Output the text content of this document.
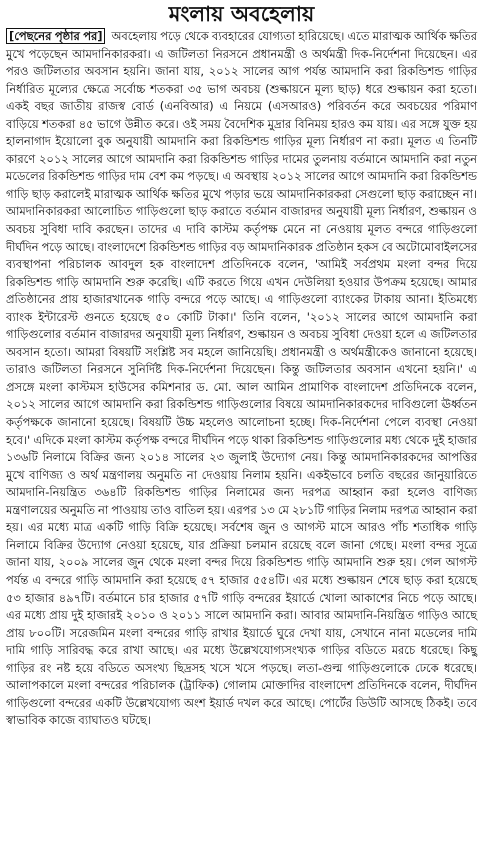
মংলায় অবহেলায়

[পেছনের পৃষ্ঠার পর] অবহেলায় পড়ে থেকে ব্যবহারের যোগ্যতা হারিয়েছে। এতে মারাত্মক আর্থিক ক্ষতির মুখে পড়েছেন আমদানিকারকরা। এ জটিলতা নিরসনে প্রধানমন্ত্রী ও অর্থমন্ত্রী দিক-নির্দেশনা দিয়েছেন। এর পরও জটিলতার অবসান হয়নি। জানা যায়, ২০১২ সালের আগ পর্যন্ত আমদানি করা রিকন্ডিশন্ড গাড়ির নির্ধারিত মূল্যের ক্ষেত্রে সর্বোচ্চ শতকরা ৩৫ ভাগ অবচয় (শুল্কায়নে মূল্য ছাড়) ধরে শুল্কায়ন করা হতো। একই বছর জাতীয় রাজস্ব বোর্ড (এনবিআর) এ নিয়মে (এসআরও) পরিবর্তন করে অবচয়ের পরিমাণ বাড়িয়ে শতকরা ৪৫ ভাগে উন্নীত করে। ওই সময় বৈদেশিক মুদ্রার বিনিময় হারও কম যায়। এর সঙ্গে যুক্ত হয় হালনাগাদ ইয়োলো বুক অনুযায়ী আমদানি করা রিকন্ডিশন্ড গাড়ির মূল্য নির্ধারণ না করা। মূলত এ তিনটি কারণে ২০১২ সালের আগে আমদানি করা রিকন্ডিশন্ড গাড়ির দামের তুলনায় বর্তমানে আমদানি করা নতুন মডেলের রিকন্ডিশন্ড গাড়ির দাম বেশ কম পড়ছে। এ অবস্থায় ২০১২ সালের আগে আমদানি করা রিকন্ডিশন্ড গাড়ি ছাড় করালেই মারাত্মক আর্থিক ক্ষতির মুখে পড়ার ভয়ে আমদানিকারকরা সেগুলো ছাড় করাচ্ছেন না। আমদানিকারকরা আলোচিত গাড়িগুলো ছাড় করাতে বর্তমান বাজারদর অনুযায়ী মূল্য নির্ধারণ, শুল্কায়ন ও অবচয় সুবিধা দাবি করছেন। তাদের এ দাবি কাস্টম কর্তৃপক্ষ মেনে না নেওয়ায় মূলত বন্দরে গাড়িগুলো দীর্ঘদিন পড়ে আছে। বাংলাদেশে রিকন্ডিশন্ড গাড়ির বড় আমদানিকারক প্রতিষ্ঠান হকস বে অটোমোবাইলসের ব্যবস্থাপনা পরিচালক আবদুল হক বাংলাদেশ প্রতিদিনকে বলেন, 'আমিই সর্বপ্রথম মংলা বন্দর দিয়ে রিকন্ডিশন্ড গাড়ি আমদানি শুরু করেছি। এটি করতে গিয়ে এখন দেউলিয়া হওয়ার উপক্রম হয়েছে। আমার প্রতিষ্ঠানের প্রায় হাজারখানেক গাড়ি বন্দরে পড়ে আছে। এ গাড়িগুলো ব্যাংকের টাকায় আনা। ইতিমধ্যে ব্যাংক ইন্টারেস্ট গুনতে হয়েছে ৫০ কোটি টাকা।' তিনি বলেন, '২০১২ সালের আগে আমদানি করা গাড়িগুলোর বর্তমান বাজারদর অনুযায়ী মূল্য নির্ধারণ, শুল্কায়ন ও অবচয় সুবিধা দেওয়া হলে এ জটিলতার অবসান হতো। আমরা বিষয়টি সংশ্লিষ্ট সব মহলে জানিয়েছি। প্রধানমন্ত্রী ও অর্থমন্ত্রীকেও জানানো হয়েছে। তারাও জটিলতা নিরসনে সুনির্দিষ্ট দিক-নির্দেশনা দিয়েছেন। কিন্তু জটিলতার অবসান এখনো হয়নি।' এ প্রসঙ্গে মংলা কাস্টমস হাউসের কমিশনার ড. মো. আল আমিন প্রামাণিক বাংলাদেশ প্রতিদিনকে বলেন, ২০১২ সালের আগে আমদানি করা রিকন্ডিশন্ড গাড়িগুলোর বিষয়ে আমদানিকারকদের দাবিগুলো ঊর্ধ্বতন কর্তৃপক্ষকে জানানো হয়েছে। বিষয়টি উচ্চ মহলেও আলোচনা হচ্ছে। দিক-নির্দেশনা পেলে ব্যবস্থা নেওয়া হবে।' এদিকে মংলা কাস্টম কর্তৃপক্ষ বন্দরে দীর্ঘদিন পড়ে থাকা রিকন্ডিশন্ড গাড়িগুলোর মধ্য থেকে দুই হাজার ১৩৬টি নিলামে বিক্রির জন্য ২০১৪ সালের ২৩ জুলাই উদ্যোগ নেয়। কিন্তু আমদানিকারকদের আপত্তির মুখে বাণিজ্য ও অর্থ মন্ত্রণালয় অনুমতি না দেওয়ায় নিলাম হয়নি। একইভাবে চলতি বছরের জানুয়ারিতে আমদানি-নিয়ন্ত্রিত ৩৬৪টি রিকন্ডিশন্ড গাড়ির নিলামের জন্য দরপত্র আহ্বান করা হলেও বাণিজ্য মন্ত্রণালয়ের অনুমতি না পাওয়ায় তাও বাতিল হয়। এরপর ১৩ মে ২৮১টি গাড়ির নিলাম দরপত্র আহ্বান করা হয়। এর মধ্যে মাত্র একটি গাড়ি বিক্রি হয়েছে। সর্বশেষ জুন ও আগস্ট মাসে আরও পাঁচ শতাধিক গাড়ি নিলামে বিক্রির উদ্যোগ নেওয়া হয়েছে, যার প্রক্রিয়া চলমান রয়েছে বলে জানা গেছে। মংলা বন্দর সূত্রে জানা যায়, ২০০৯ সালের জুন থেকে মংলা বন্দর দিয়ে রিকন্ডিশন্ড গাড়ি আমদানি শুরু হয়। গেল আগস্ট পর্যন্ত এ বন্দরে গাড়ি আমদানি করা হয়েছে ৫৭ হাজার ৫৫৪টি। এর মধ্যে শুল্কায়ন শেষে ছাড় করা হয়েছে ৫৩ হাজার ৪৯৭টি। বর্তমানে চার হাজার ৫৭টি গাড়ি বন্দরের ইয়ার্ডে খোলা আকাশের নিচে পড়ে আছে। এর মধ্যে প্রায় দুই হাজারই ২০১০ ও ২০১১ সালে আমদানি করা। আবার আমদানি-নিয়ন্ত্রিত গাড়িও আছে প্রায় ৮০০টি। সরেজমিন মংলা বন্দরের গাড়ি রাখার ইয়ার্ডে ঘুরে দেখা যায়, সেখানে নানা মডেলের দামি দামি গাড়ি সারিবদ্ধ করে রাখা আছে। এর মধ্যে উল্লেখযোগ্যসংখ্যক গাড়ির বডিতে মরচে ধরেছে। কিছু গাড়ির রং নষ্ট হয়ে বডিতে অসংখ্য ছিদ্রসহ খসে খসে পড়ছে। লতা-গুল্ম গাড়িগুলোকে ঢেকে ধরেছে। আলাপকালে মংলা বন্দরের পরিচালক (ট্রাফিক) গোলাম মোক্তাদির বাংলাদেশ প্রতিদিনকে বলেন, দীর্ঘদিন গাড়িগুলো বন্দরের একটি উল্লেখযোগ্য অংশ ইয়ার্ড দখল করে আছে। পোর্টের ডিউটি আসছে ঠিকই। তবে স্বাভাবিক কাজে ব্যাঘাতও ঘটছে।
